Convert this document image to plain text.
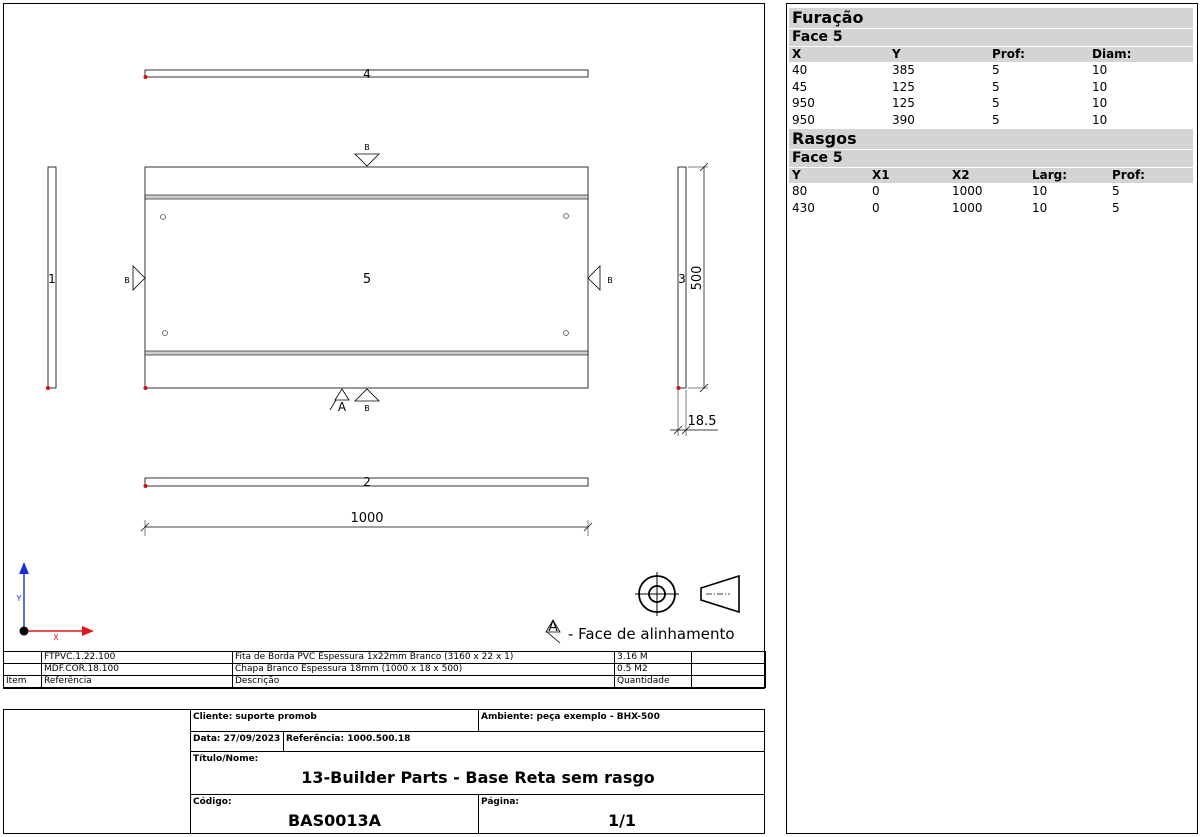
4
5
B
B	B
B
A
1	3 500
18.5
2
1000
X
Y
A - Face de alinhamento
	FTPVC.1.22.100	Fita de Borda PVC Espessura 1x22mm Branco (3160 x 22 x 1)	3.16 M	
	MDF.COR.18.100	Chapa Branco Espessura 18mm (1000 x 18 x 500)	0.5 M2	
Item	Referência	Descrição	Quantidade	
Cliente: suporte promob	Ambiente: peça exemplo - BHX-500
Data: 27/09/2023 Referência: 1000.500.18
Título/Nome:
13-Builder Parts - Base Reta sem rasgo
Código:
BAS0013A
Página:
1/1
Furação
Face 5
X	Y	Prof:	Diam:
40	385	5	10
45	125	5	10
950	125	5	10
950	390	5	10
Rasgos
Face 5
Y	X1	X2	Larg:	Prof:
80	0	1000	10	5
430	0	1000	10	5
